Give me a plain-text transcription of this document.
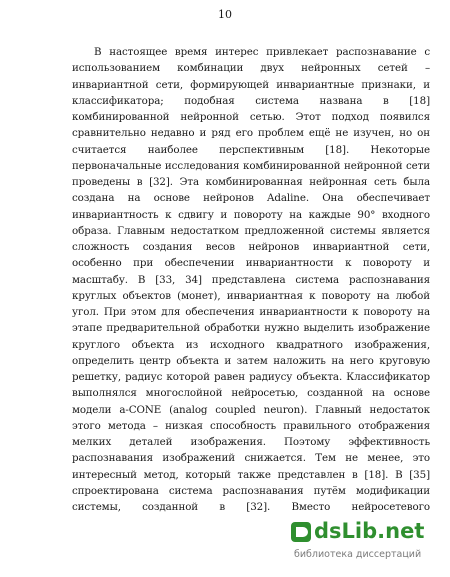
10
В настоящее время интерес привлекает распознавание с
использованием комбинации двух нейронных сетей –
инвариантной сети, формирующей инвариантные признаки, и
классификатора; подобная система названа в [18]
комбинированной нейронной сетью. Этот подход появился
сравнительно недавно и ряд его проблем ещё не изучен, но он
считается наиболее перспективным [18]. Некоторые
первоначальные исследования комбинированной нейронной сети
проведены в [32]. Эта комбинированная нейронная сеть была
создана на основе нейронов Adaline. Она обеспечивает
инвариантность к сдвигу и повороту на каждые 90° входного
образа. Главным недостатком предложенной системы является
сложность создания весов нейронов инвариантной сети,
особенно при обеспечении инвариантности к повороту и
масштабу. В [33, 34] представлена система распознавания
круглых объектов (монет), инвариантная к повороту на любой
угол. При этом для обеспечения инвариантности к повороту на
этапе предварительной обработки нужно выделить изображение
круглого объекта из исходного квадратного изображения,
определить центр объекта и затем наложить на него круговую
решетку, радиус которой равен радиусу объекта. Классификатор
выполнялся многослойной нейросетью, созданной на основе
модели a-CONE (analog coupled neuron). Главный недостаток
этого метода – низкая способность правильного отображения
мелких деталей изображения. Поэтому эффективность
распознавания изображений снижается. Тем не менее, это
интересный метод, который также представлен в [18]. В [35]
спроектирована система распознавания путём модификации
системы, созданной в [32]. Вместо нейросетевого
dsLib.net
библиотека диссертаций
